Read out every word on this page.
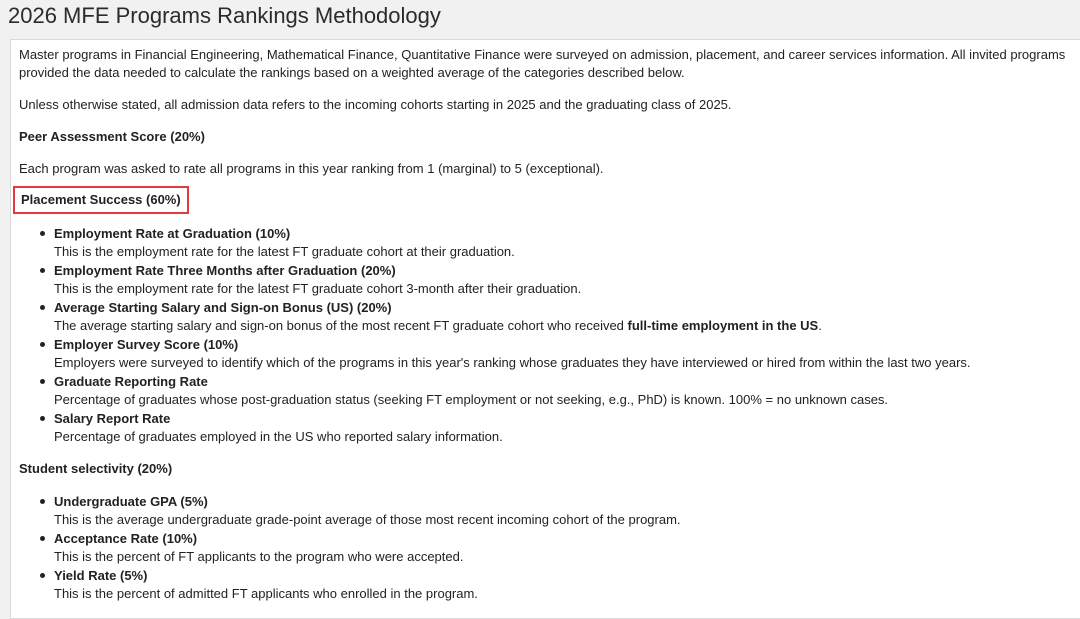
2026 MFE Programs Rankings Methodology

Master programs in Financial Engineering, Mathematical Finance, Quantitative Finance were surveyed on admission, placement, and career services information. All invited programs provided the data needed to calculate the rankings based on a weighted average of the categories described below.

Unless otherwise stated, all admission data refers to the incoming cohorts starting in 2025 and the graduating class of 2025.

Peer Assessment Score (20%)

Each program was asked to rate all programs in this year ranking from 1 (marginal) to 5 (exceptional).

Placement Success (60%)

Employment Rate at Graduation (10%)
This is the employment rate for the latest FT graduate cohort at their graduation.
Employment Rate Three Months after Graduation (20%)
This is the employment rate for the latest FT graduate cohort 3-month after their graduation.
Average Starting Salary and Sign-on Bonus (US) (20%)
The average starting salary and sign-on bonus of the most recent FT graduate cohort who received full-time employment in the US.
Employer Survey Score (10%)
Employers were surveyed to identify which of the programs in this year's ranking whose graduates they have interviewed or hired from within the last two years.
Graduate Reporting Rate
Percentage of graduates whose post-graduation status (seeking FT employment or not seeking, e.g., PhD) is known. 100% = no unknown cases.
Salary Report Rate
Percentage of graduates employed in the US who reported salary information.

Student selectivity (20%)

Undergraduate GPA (5%)
This is the average undergraduate grade-point average of those most recent incoming cohort of the program.
Acceptance Rate (10%)
This is the percent of FT applicants to the program who were accepted.
Yield Rate (5%)
This is the percent of admitted FT applicants who enrolled in the program.
